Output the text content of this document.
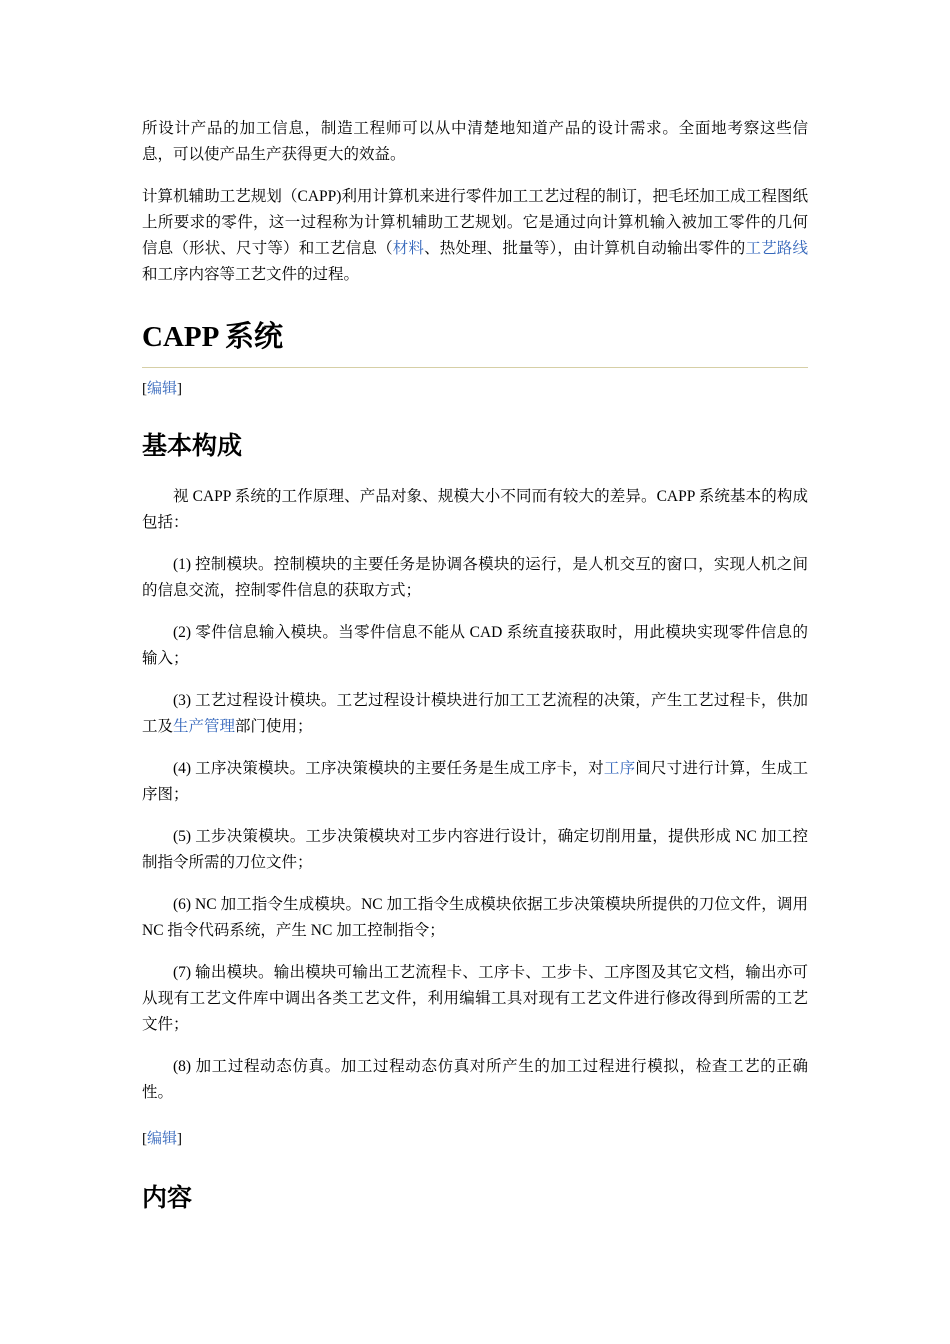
所设计产品的加工信息，制造工程师可以从中清楚地知道产品的设计需求。全面地考察这些信息，可以使产品生产获得更大的效益。

计算机辅助工艺规划（CAPP)利用计算机来进行零件加工工艺过程的制订，把毛坯加工成工程图纸上所要求的零件，这一过程称为计算机辅助工艺规划。它是通过向计算机输入被加工零件的几何信息（形状、尺寸等）和工艺信息（材料、热处理、批量等），由计算机自动输出零件的工艺路线和工序内容等工艺文件的过程。

CAPP 系统

[编辑]

基本构成

视 CAPP 系统的工作原理、产品对象、规模大小不同而有较大的差异。CAPP 系统基本的构成包括：

(1) 控制模块。控制模块的主要任务是协调各模块的运行，是人机交互的窗口，实现人机之间的信息交流，控制零件信息的获取方式；

(2) 零件信息输入模块。当零件信息不能从 CAD 系统直接获取时，用此模块实现零件信息的输入；

(3) 工艺过程设计模块。工艺过程设计模块进行加工工艺流程的决策，产生工艺过程卡，供加工及生产管理部门使用；

(4) 工序决策模块。工序决策模块的主要任务是生成工序卡，对工序间尺寸进行计算，生成工序图；

(5) 工步决策模块。工步决策模块对工步内容进行设计，确定切削用量，提供形成 NC 加工控制指令所需的刀位文件；

(6) NC 加工指令生成模块。NC 加工指令生成模块依据工步决策模块所提供的刀位文件，调用 NC 指令代码系统，产生 NC 加工控制指令；

(7) 输出模块。输出模块可输出工艺流程卡、工序卡、工步卡、工序图及其它文档，输出亦可从现有工艺文件库中调出各类工艺文件，利用编辑工具对现有工艺文件进行修改得到所需的工艺文件；

(8) 加工过程动态仿真。加工过程动态仿真对所产生的加工过程进行模拟，检查工艺的正确性。

[编辑]

内容
